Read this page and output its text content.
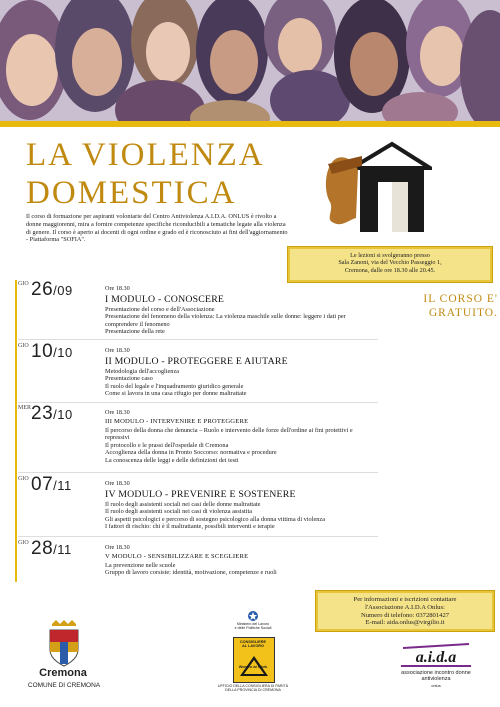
LA VIOLENZA
DOMESTICA
Il corso di formazione per aspiranti volontarie del Centro Antiviolenza A.I.D.A. ONLUS è rivolto a donne maggiorenni, mira a fornire competenze specifiche riconducibili a tematiche legate alla violenza di genere. Il corso è aperto ai docenti di ogni ordine e grado ed è riconosciuto ai fini dell'aggiornamento - Piattaforma "SOFIA".
Le lezioni si svolgeranno presso
Sala Zanoni, via del Vecchio Passeggio 1,
Cremona, dalle ore 18.30 alle 20.45.
IL CORSO E'
GRATUITO.
GIO 26/09	Ore 18.30
I MODULO - CONOSCERE
Presentazione del corso e dell'Associazione
Presentazione del fenomeno della violenza: La violenza maschile sulle donne: leggere i dati per comprendere il fenomeno
Presentazione della rete
GIO 10/10	Ore 18.30
II MODULO - PROTEGGERE E AIUTARE
Metodologia dell'accoglienza
Presentazione caso
Il ruolo del legale e l'inquadramento giuridico generale
Come si lavora in una casa rifugio per donne maltrattate
MER 23/10	Ore 18.30
III MODULO - INTERVENIRE E PROTEGGERE
Il percorso della donna che denuncia – Ruolo e intervento delle forze dell'ordine ai fini protettivi e repressivi
Il protocollo e le prassi dell'ospedale di Cremona
Accoglienza della donna in Pronto Soccorso: normativa e procedure
La conoscenza delle leggi e delle definizioni dei testi
GIO 07/11	Ore 18.30
IV MODULO - PREVENIRE E SOSTENERE
Il ruolo degli assistenti sociali nei casi delle donne maltrattate
Il ruolo degli assistenti sociali nei casi di violenza assistita
Gli aspetti psicologici e percorso di sostegno psicologico alla donna vittima di violenza
I fattori di rischio: chi è il maltrattante, possibili interventi e terapie
GIO 28/11	Ore 18.30
V MODULO - SENSIBILIZZARE E SCEGLIERE
La prevenzione nelle scuole
Gruppo di lavoro corsiste: identità, motivazione, competenze e ruoli
Per informazioni e iscrizioni contattare
l'Associazione A.I.D.A Onlus:
Numero di telefono: 0372801427
E-mail: aida.onlus@virgilio.it
Cremona
COMUNE DI CREMONA
Ministero del Lavoro
e delle Politiche Sociali
CONSIGLIERE
AL LAVORO
Women at Work
UFFICIO DELLA CONSIGLIERA DI PARITÀ
DELLA PROVINCIA DI CREMONA
a.i.d.a
associazione incontro donne
antiviolenza
onlus
